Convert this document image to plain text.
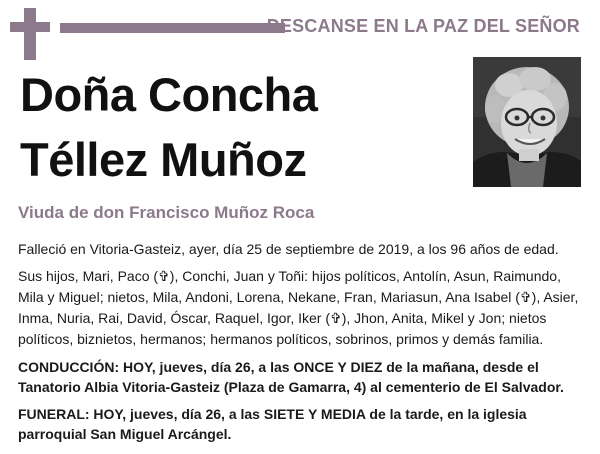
DESCANSE EN LA PAZ DEL SEÑOR
Doña Concha
Téllez Muñoz
Viuda de don Francisco Muñoz Roca
Falleció en Vitoria-Gasteiz, ayer, día 25 de septiembre de 2019, a los 96 años de edad.
Sus hijos, Mari, Paco (✞), Conchi, Juan y Toñi: hijos políticos, Antolín, Asun, Raimundo, Mila y Miguel; nietos, Mila, Andoni, Lorena, Nekane, Fran, Mariasun, Ana Isabel (✞), Asier, Inma, Nuria, Rai, David, Óscar, Raquel, Igor, Iker (✞), Jhon, Anita, Mikel y Jon; nietos políticos, biznietos, hermanos; hermanos políticos, sobrinos, primos y demás familia.
CONDUCCIÓN: HOY, jueves, día 26, a las ONCE Y DIEZ de la mañana, desde el Tanatorio Albia Vitoria-Gasteiz (Plaza de Gamarra, 4) al cementerio de El Salvador.
FUNERAL: HOY, jueves, día 26, a las SIETE Y MEDIA de la tarde, en la iglesia parroquial San Miguel Arcángel.
